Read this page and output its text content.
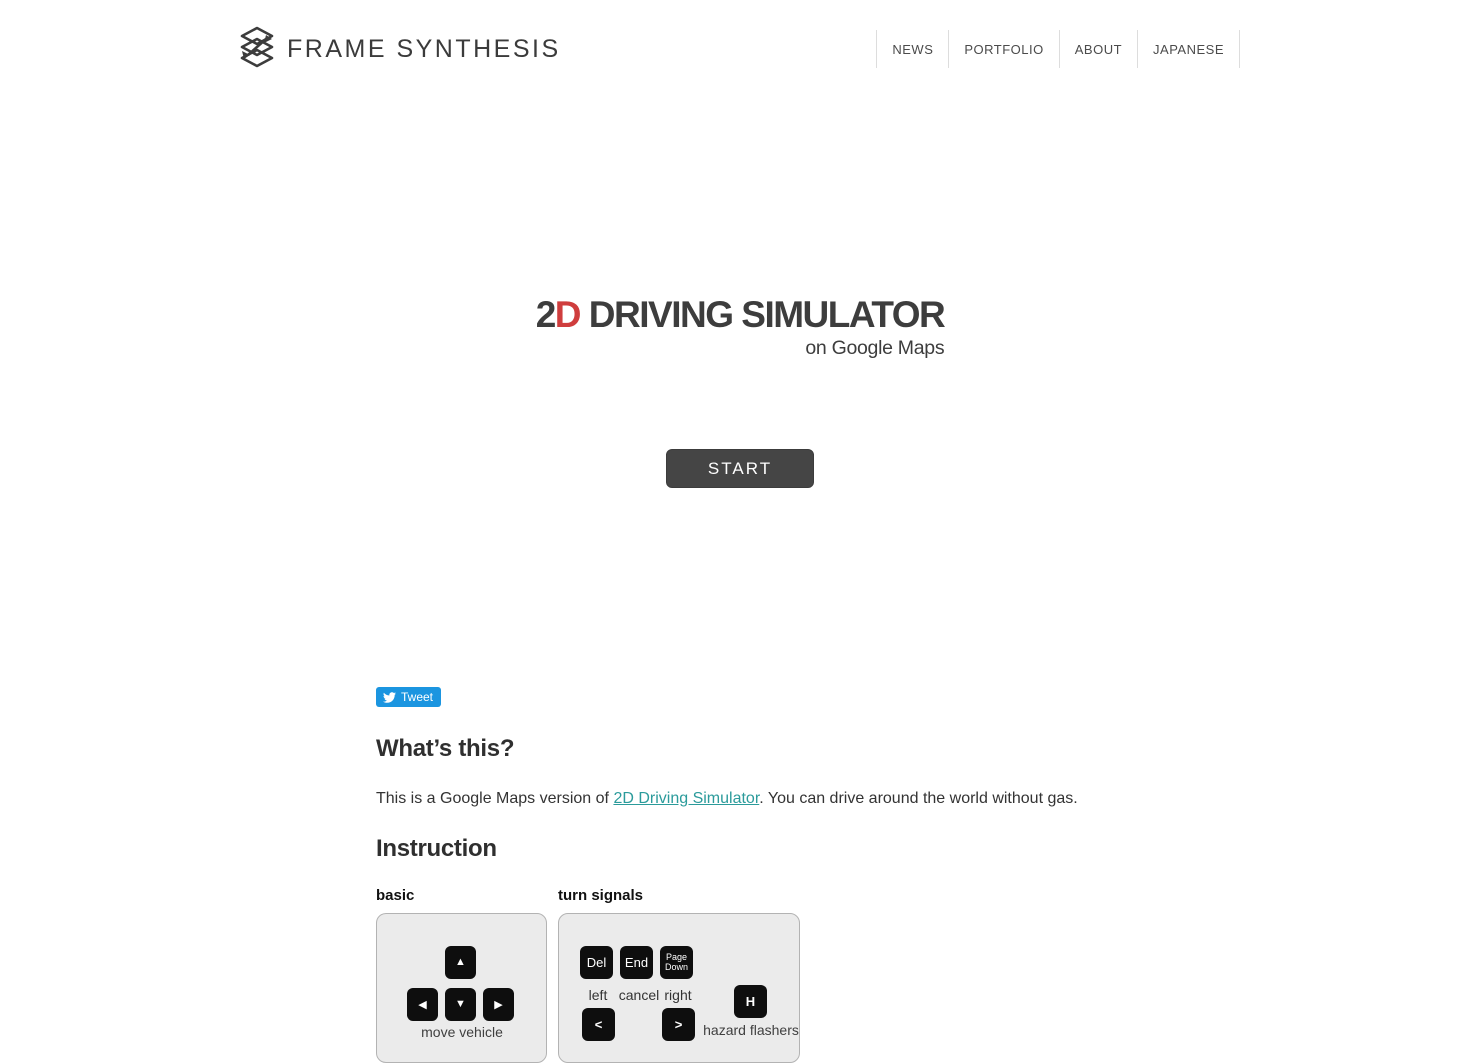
FRAME SYNTHESIS	NEWS	PORTFOLIO	ABOUT	JAPANESE
2D DRIVING SIMULATOR
on Google Maps
START
Tweet
What’s this?

This is a Google Maps version of 2D Driving Simulator. You can drive around the world without gas.

Instruction
basic
▲
◀	▼	▶
move vehicle
turn signals
Del	End	Page Down
left cancel right
<	>
H
hazard flashers
